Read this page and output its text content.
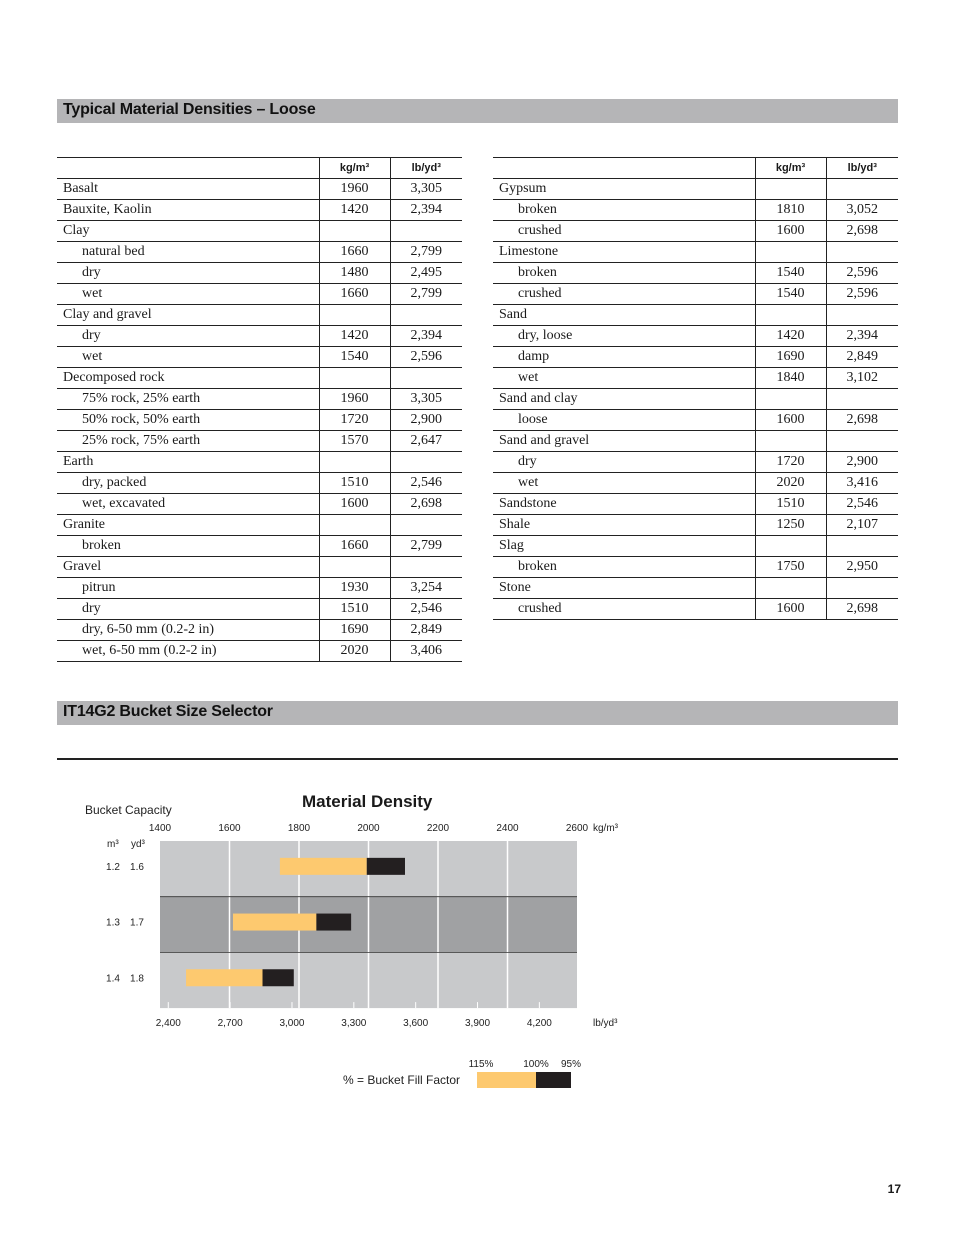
Typical Material Densities – Loose
	kg/m³	lb/yd³
Basalt	1960	3,305
Bauxite, Kaolin	1420	2,394
Clay		
natural bed	1660	2,799
dry	1480	2,495
wet	1660	2,799
Clay and gravel		
dry	1420	2,394
wet	1540	2,596
Decomposed rock		
75% rock, 25% earth	1960	3,305
50% rock, 50% earth	1720	2,900
25% rock, 75% earth	1570	2,647
Earth		
dry, packed	1510	2,546
wet, excavated	1600	2,698
Granite		
broken	1660	2,799
Gravel		
pitrun	1930	3,254
dry	1510	2,546
dry, 6-50 mm (0.2-2 in)	1690	2,849
wet, 6-50 mm (0.2-2 in)	2020	3,406
	kg/m³	lb/yd³
Gypsum		
broken	1810	3,052
crushed	1600	2,698
Limestone		
broken	1540	2,596
crushed	1540	2,596
Sand		
dry, loose	1420	2,394
damp	1690	2,849
wet	1840	3,102
Sand and clay		
loose	1600	2,698
Sand and gravel		
dry	1720	2,900
wet	2020	3,416
Sandstone	1510	2,546
Shale	1250	2,107
Slag		
broken	1750	2,950
Stone		
crushed	1600	2,698
IT14G2 Bucket Size Selector
Bucket Capacity	Material Density
m³ yd³
1400	1600	1800	2000	2200	2400	2600 kg/m³
2,400	2,700	3,000	3,300	3,600	3,900	4,200	lb/yd³
1.2 1.6
1.3 1.7
1.4 1.8
115%	100% 95%
% = Bucket Fill Factor
17
